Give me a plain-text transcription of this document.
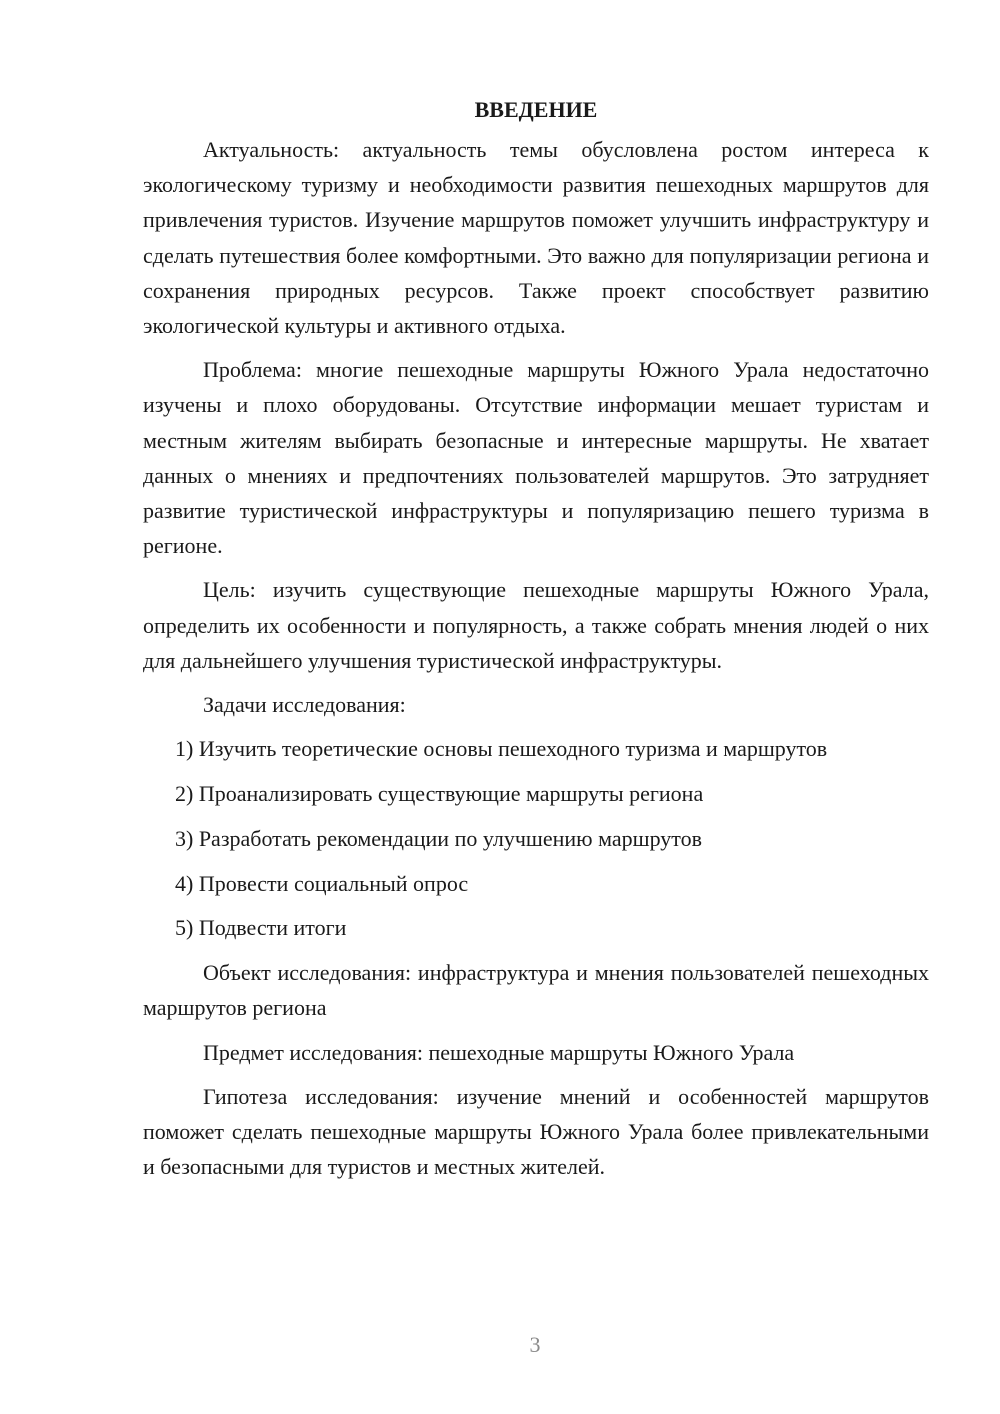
ВВЕДЕНИЕ

Актуальность: актуальность темы обусловлена ростом интереса к экологическому туризму и необходимости развития пешеходных маршрутов для привлечения туристов. Изучение маршрутов поможет улучшить инфраструктуру и сделать путешествия более комфортными. Это важно для популяризации региона и сохранения природных ресурсов. Также проект способствует развитию экологической культуры и активного отдыха.

Проблема: многие пешеходные маршруты Южного Урала недостаточно изучены и плохо оборудованы. Отсутствие информации мешает туристам и местным жителям выбирать безопасные и интересные маршруты. Не хватает данных о мнениях и предпочтениях пользователей маршрутов. Это затрудняет развитие туристической инфраструктуры и популяризацию пешего туризма в регионе.

Цель: изучить существующие пешеходные маршруты Южного Урала, определить их особенности и популярность, а также собрать мнения людей о них для дальнейшего улучшения туристической инфраструктуры.

Задачи исследования:

1) Изучить теоретические основы пешеходного туризма и маршрутов
2) Проанализировать существующие маршруты региона
3) Разработать рекомендации по улучшению маршрутов
4) Провести социальный опрос
5) Подвести итоги

Объект исследования: инфраструктура и мнения пользователей пешеходных маршрутов региона

Предмет исследования: пешеходные маршруты Южного Урала

Гипотеза исследования: изучение мнений и особенностей маршрутов поможет сделать пешеходные маршруты Южного Урала более привлекательными и безопасными для туристов и местных жителей.

3
